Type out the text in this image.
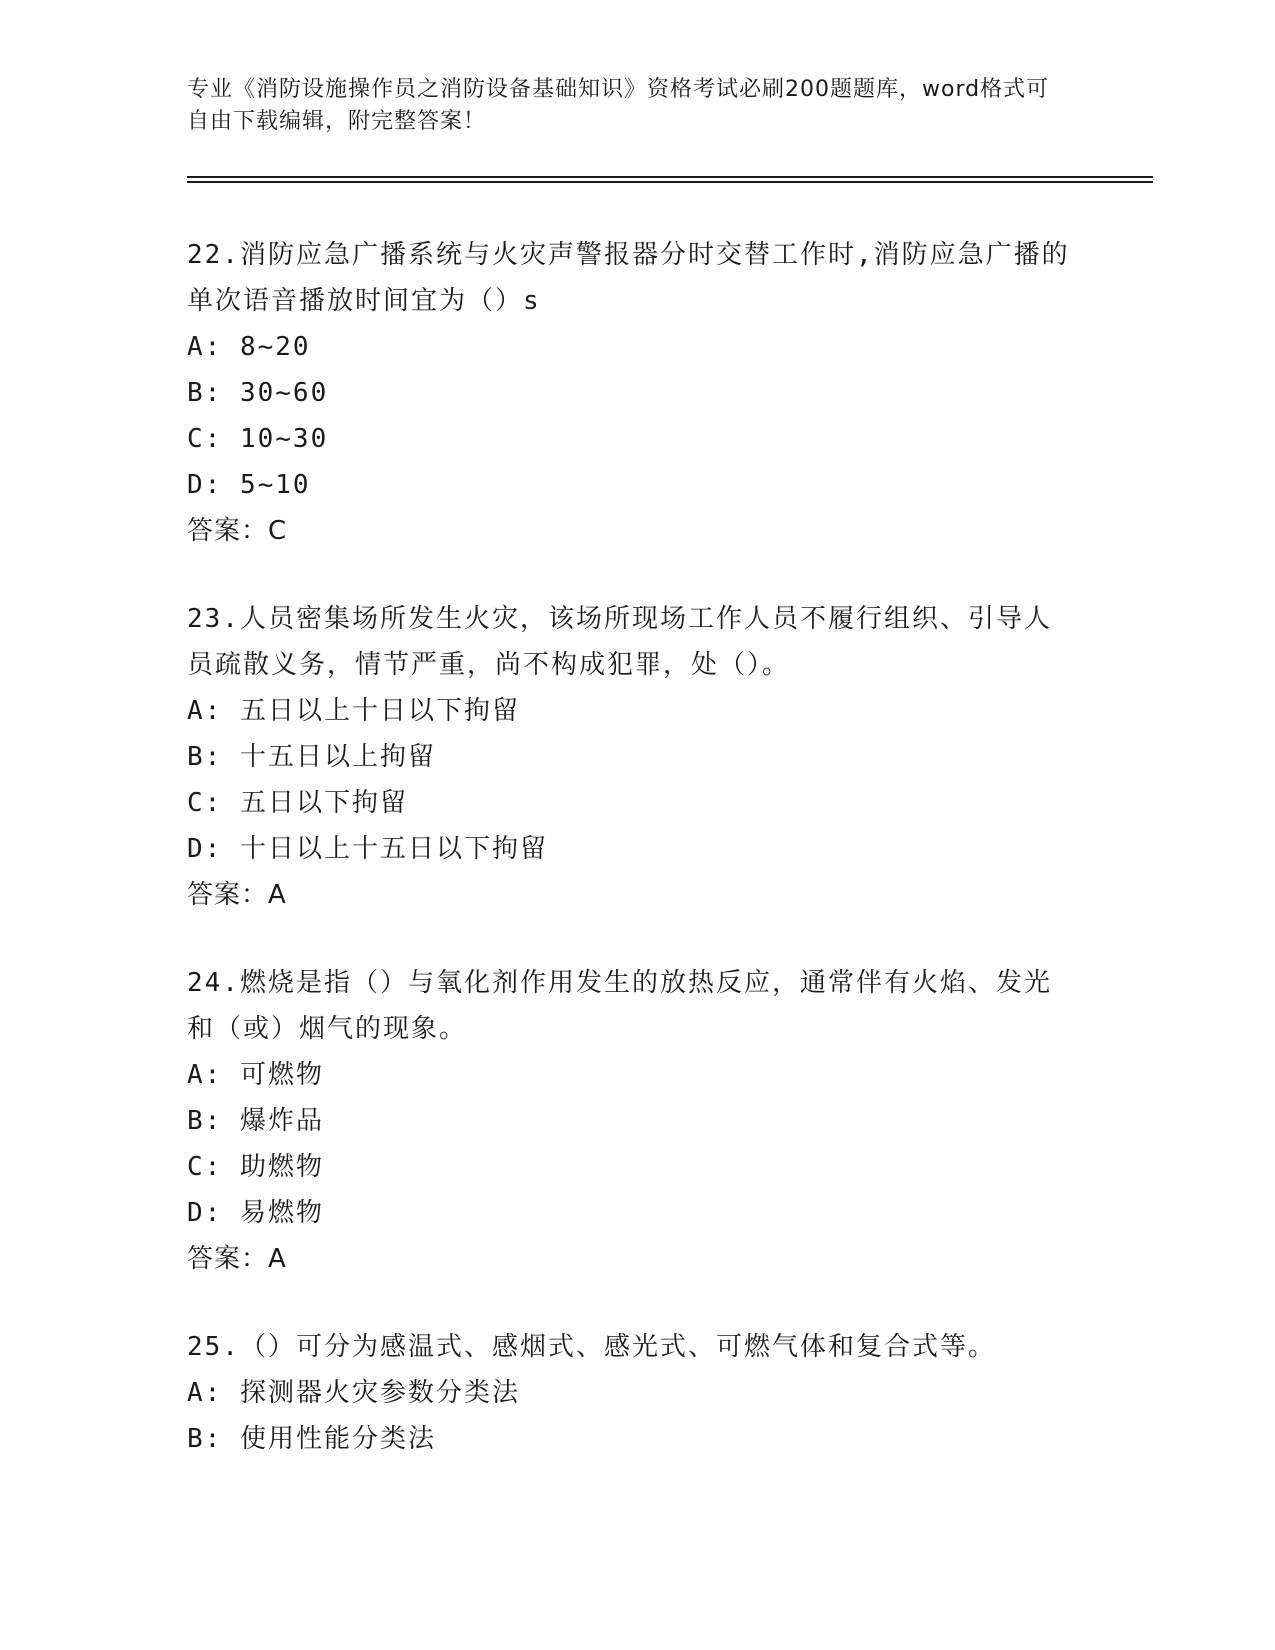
专业《消防设施操作员之消防设备基础知识》资格考试必刷200题题库，word格式可自由下载编辑，附完整答案！

22.消防应急广播系统与火灾声警报器分时交替工作时,消防应急广播的单次语音播放时间宜为（）s

A: 8~20

B: 30~60

C: 10~30

D: 5~10

答案：C

23.人员密集场所发生火灾，该场所现场工作人员不履行组织、引导人员疏散义务，情节严重，尚不构成犯罪，处（）。

A: 五日以上十日以下拘留

B: 十五日以上拘留

C: 五日以下拘留

D: 十日以上十五日以下拘留

答案：A

24.燃烧是指（）与氧化剂作用发生的放热反应，通常伴有火焰、发光和（或）烟气的现象。

A: 可燃物

B: 爆炸品

C: 助燃物

D: 易燃物

答案：A

25.（）可分为感温式、感烟式、感光式、可燃气体和复合式等。

A: 探测器火灾参数分类法

B: 使用性能分类法
